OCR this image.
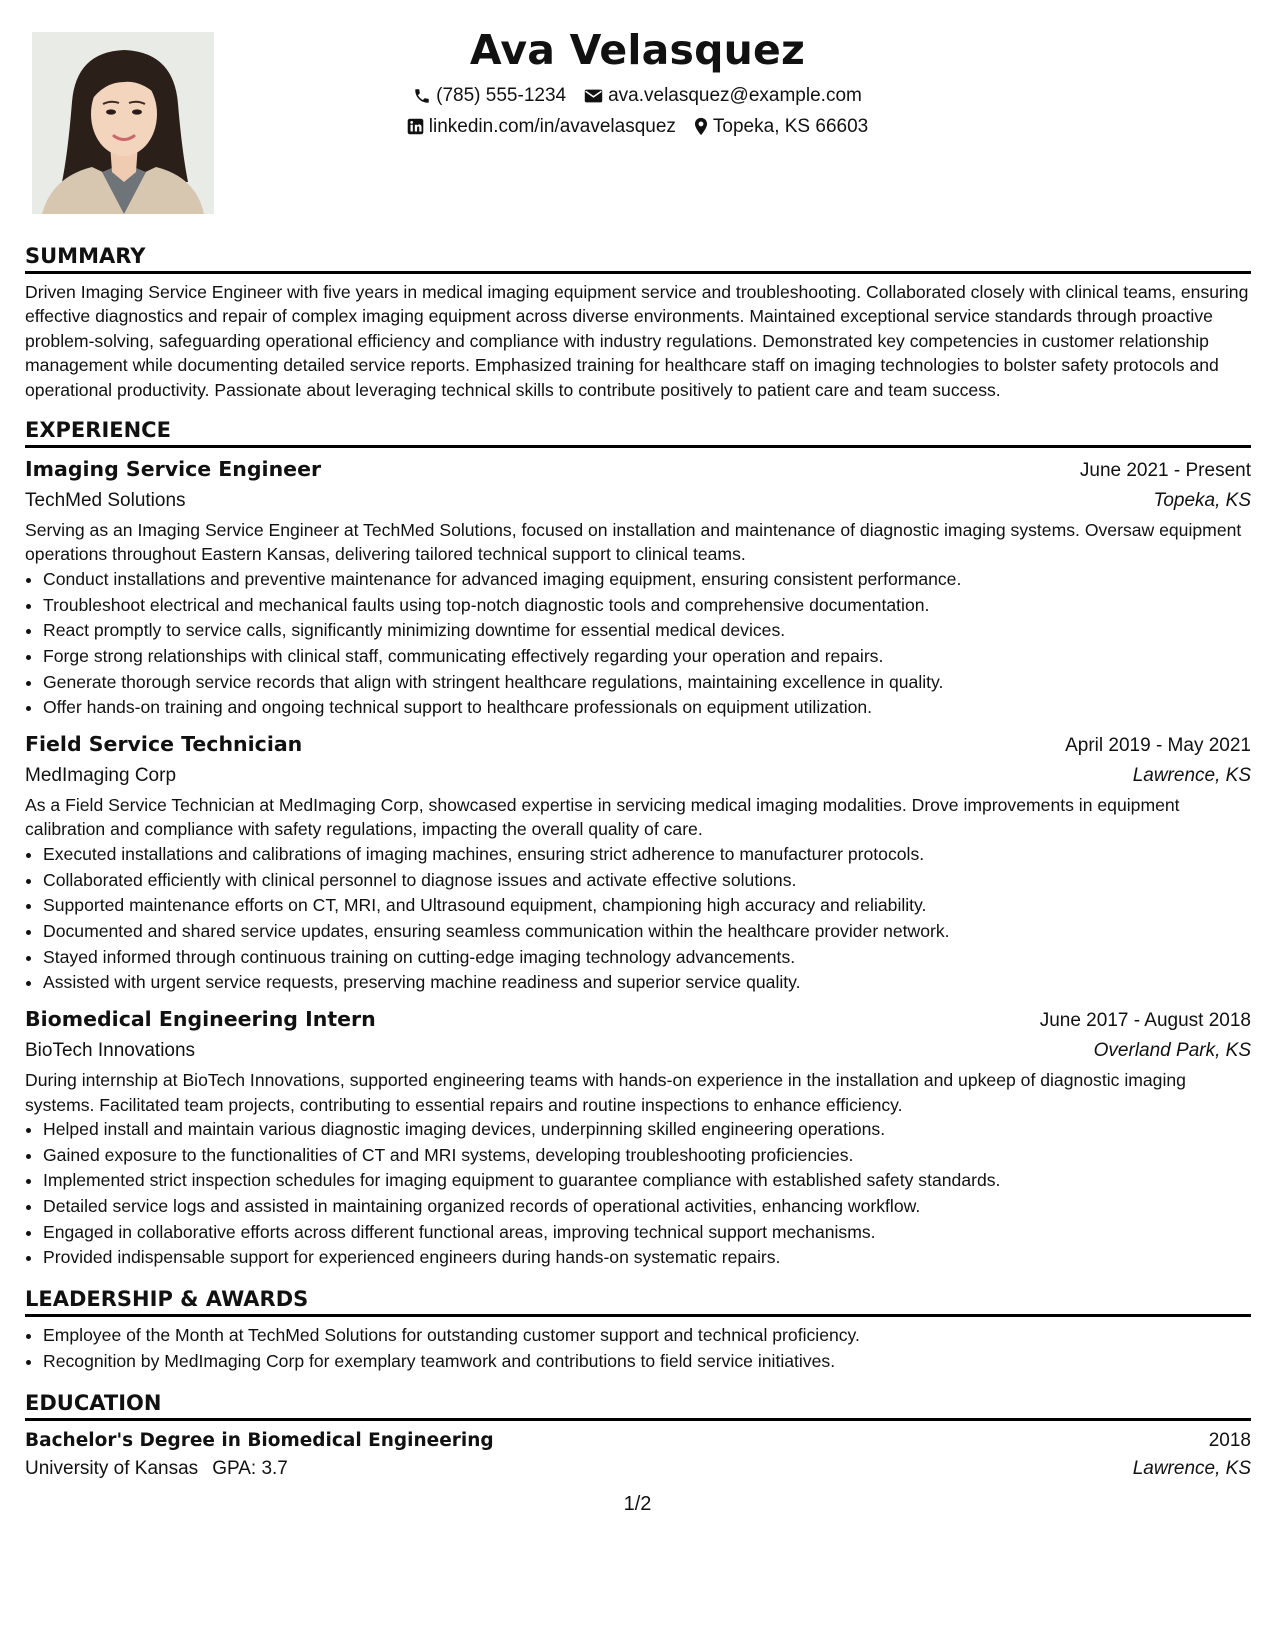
Ava Velasquez
(785) 555-1234 ava.velasquez@example.com
linkedin.com/in/avavelasquez Topeka, KS 66603
SUMMARY

Driven Imaging Service Engineer with five years in medical imaging equipment service and troubleshooting. Collaborated closely with clinical teams, ensuring effective diagnostics and repair of complex imaging equipment across diverse environments. Maintained exceptional service standards through proactive problem-solving, safeguarding operational efficiency and compliance with industry regulations. Demonstrated key competencies in customer relationship management while documenting detailed service reports. Emphasized training for healthcare staff on imaging technologies to bolster safety protocols and operational productivity. Passionate about leveraging technical skills to contribute positively to patient care and team success.

EXPERIENCE
Imaging Service Engineer	June 2021 - Present
TechMed Solutions	Topeka, KS

Serving as an Imaging Service Engineer at TechMed Solutions, focused on installation and maintenance of diagnostic imaging systems. Oversaw equipment operations throughout Eastern Kansas, delivering tailored technical support to clinical teams.

• Conduct installations and preventive maintenance for advanced imaging equipment, ensuring consistent performance.
• Troubleshoot electrical and mechanical faults using top-notch diagnostic tools and comprehensive documentation.
• React promptly to service calls, significantly minimizing downtime for essential medical devices.
• Forge strong relationships with clinical staff, communicating effectively regarding your operation and repairs.
• Generate thorough service records that align with stringent healthcare regulations, maintaining excellence in quality.
• Offer hands-on training and ongoing technical support to healthcare professionals on equipment utilization.
Field Service Technician	April 2019 - May 2021
MedImaging Corp	Lawrence, KS

As a Field Service Technician at MedImaging Corp, showcased expertise in servicing medical imaging modalities. Drove improvements in equipment calibration and compliance with safety regulations, impacting the overall quality of care.

• Executed installations and calibrations of imaging machines, ensuring strict adherence to manufacturer protocols.
• Collaborated efficiently with clinical personnel to diagnose issues and activate effective solutions.
• Supported maintenance efforts on CT, MRI, and Ultrasound equipment, championing high accuracy and reliability.
• Documented and shared service updates, ensuring seamless communication within the healthcare provider network.
• Stayed informed through continuous training on cutting-edge imaging technology advancements.
• Assisted with urgent service requests, preserving machine readiness and superior service quality.
Biomedical Engineering Intern	June 2017 - August 2018
BioTech Innovations	Overland Park, KS

During internship at BioTech Innovations, supported engineering teams with hands-on experience in the installation and upkeep of diagnostic imaging systems. Facilitated team projects, contributing to essential repairs and routine inspections to enhance efficiency.

• Helped install and maintain various diagnostic imaging devices, underpinning skilled engineering operations.
• Gained exposure to the functionalities of CT and MRI systems, developing troubleshooting proficiencies.
• Implemented strict inspection schedules for imaging equipment to guarantee compliance with established safety standards.
• Detailed service logs and assisted in maintaining organized records of operational activities, enhancing workflow.
• Engaged in collaborative efforts across different functional areas, improving technical support mechanisms.
• Provided indispensable support for experienced engineers during hands-on systematic repairs.
LEADERSHIP & AWARDS
• Employee of the Month at TechMed Solutions for outstanding customer support and technical proficiency.
• Recognition by MedImaging Corp for exemplary teamwork and contributions to field service initiatives.
EDUCATION
Bachelor's Degree in Biomedical Engineering	2018
University of Kansas GPA: 3.7	Lawrence, KS
1/2
